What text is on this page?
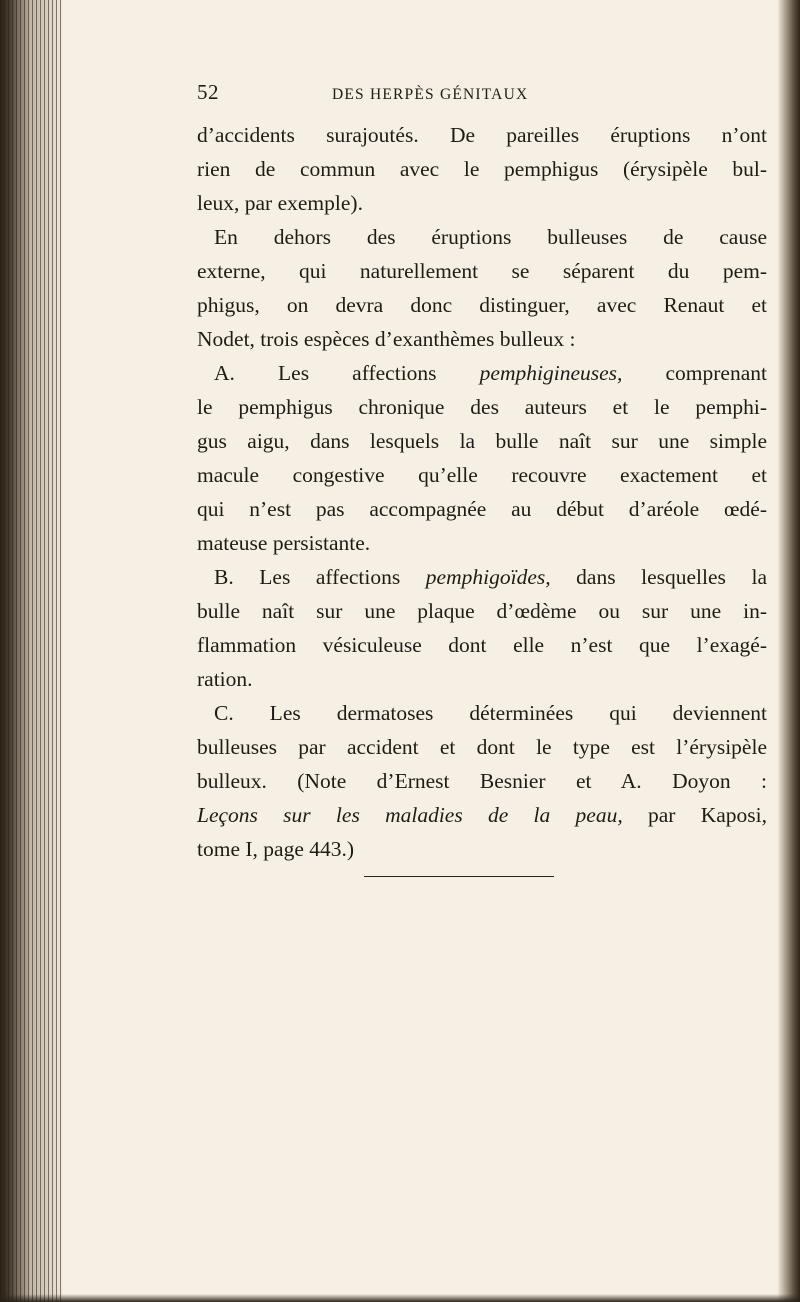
52	DES HERPÈS GÉNITAUX
d’accidents surajoutés. De pareilles éruptions n’ont
rien de commun avec le pemphigus (érysipèle bul-
leux, par exemple).
En dehors des éruptions bulleuses de cause
externe, qui naturellement se séparent du pem-
phigus, on devra donc distinguer, avec Renaut et
Nodet, trois espèces d’exanthèmes bulleux :
A. Les affections pemphigineuses, comprenant
le pemphigus chronique des auteurs et le pemphi-
gus aigu, dans lesquels la bulle naît sur une simple
macule congestive qu’elle recouvre exactement et
qui n’est pas accompagnée au début d’aréole œdé-
mateuse persistante.
B. Les affections pemphigoïdes, dans lesquelles la
bulle naît sur une plaque d’œdème ou sur une in-
flammation vésiculeuse dont elle n’est que l’exagé-
ration.
C. Les dermatoses déterminées qui deviennent
bulleuses par accident et dont le type est l’érysipèle
bulleux. (Note d’Ernest Besnier et A. Doyon :
Leçons sur les maladies de la peau, par Kaposi,
tome I, page 443.)
